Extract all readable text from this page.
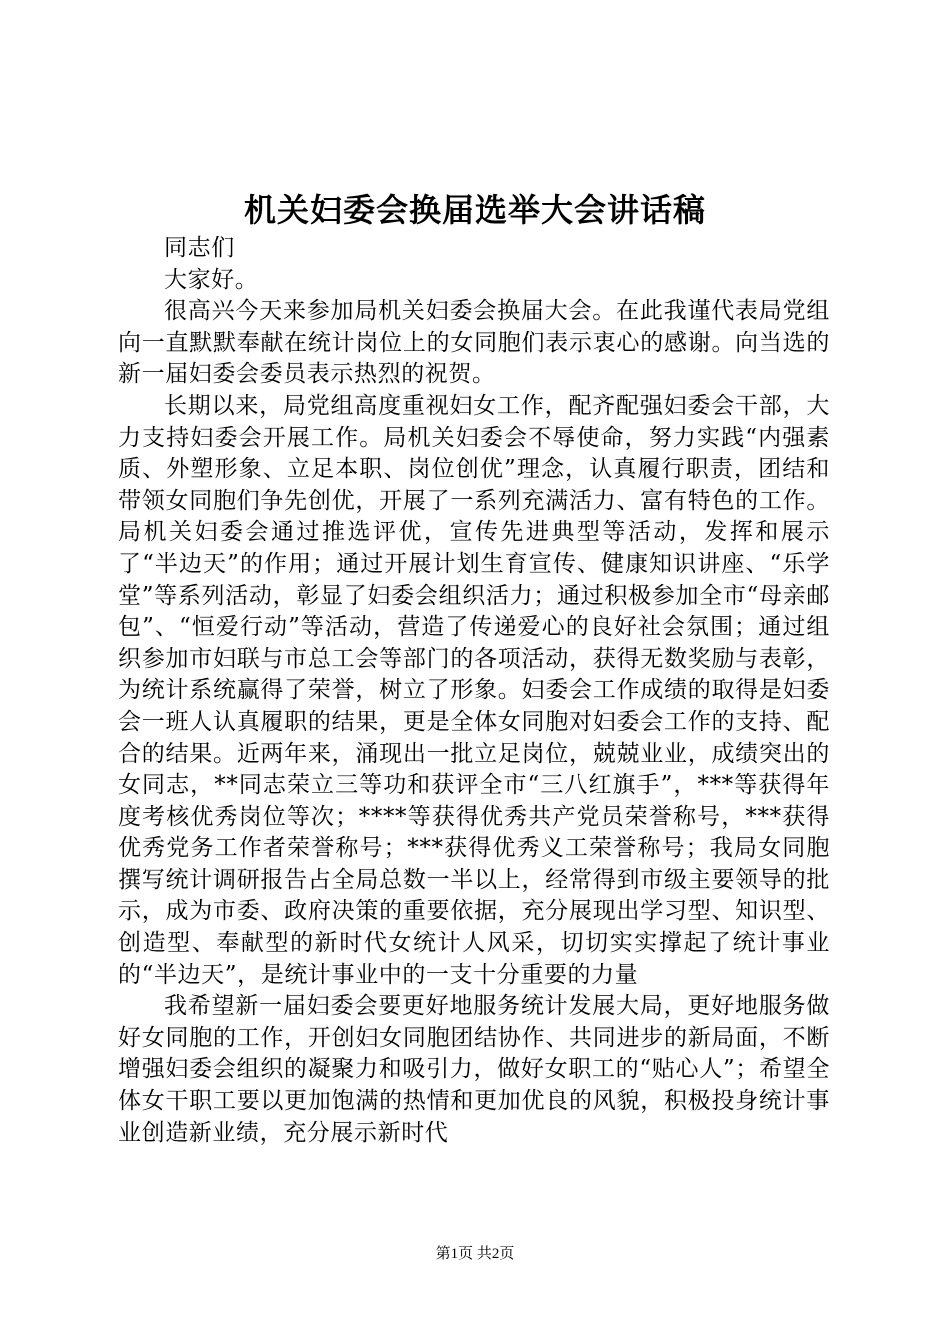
机关妇委会换届选举大会讲话稿

同志们

大家好。

很高兴今天来参加局机关妇委会换届大会。在此我谨代表局党组向一直默默奉献在统计岗位上的女同胞们表示衷心的感谢。向当选的新一届妇委会委员表示热烈的祝贺。

长期以来，局党组高度重视妇女工作，配齐配强妇委会干部，大力支持妇委会开展工作。局机关妇委会不辱使命，努力实践“内强素质、外塑形象、立足本职、岗位创优”理念，认真履行职责，团结和带领女同胞们争先创优，开展了一系列充满活力、富有特色的工作。局机关妇委会通过推选评优，宣传先进典型等活动，发挥和展示了“半边天”的作用；通过开展计划生育宣传、健康知识讲座、“乐学堂”等系列活动，彰显了妇委会组织活力；通过积极参加全市“母亲邮包”、“恒爱行动”等活动，营造了传递爱心的良好社会氛围；通过组织参加市妇联与市总工会等部门的各项活动，获得无数奖励与表彰，为统计系统赢得了荣誉，树立了形象。妇委会工作成绩的取得是妇委会一班人认真履职的结果，更是全体女同胞对妇委会工作的支持、配合的结果。近两年来，涌现出一批立足岗位，兢兢业业，成绩突出的女同志，**同志荣立三等功和获评全市“三八红旗手”，***等获得年度考核优秀岗位等次；****等获得优秀共产党员荣誉称号，***获得优秀党务工作者荣誉称号；***获得优秀义工荣誉称号；我局女同胞撰写统计调研报告占全局总数一半以上，经常得到市级主要领导的批示，成为市委、政府决策的重要依据，充分展现出学习型、知识型、创造型、奉献型的新时代女统计人风采，切切实实撑起了统计事业的“半边天”，是统计事业中的一支十分重要的力量

我希望新一届妇委会要更好地服务统计发展大局，更好地服务做好女同胞的工作，开创妇女同胞团结协作、共同进步的新局面，不断增强妇委会组织的凝聚力和吸引力，做好女职工的“贴心人”；希望全体女干职工要以更加饱满的热情和更加优良的风貌，积极投身统计事业创造新业绩，充分展示新时代

第1页 共2页
